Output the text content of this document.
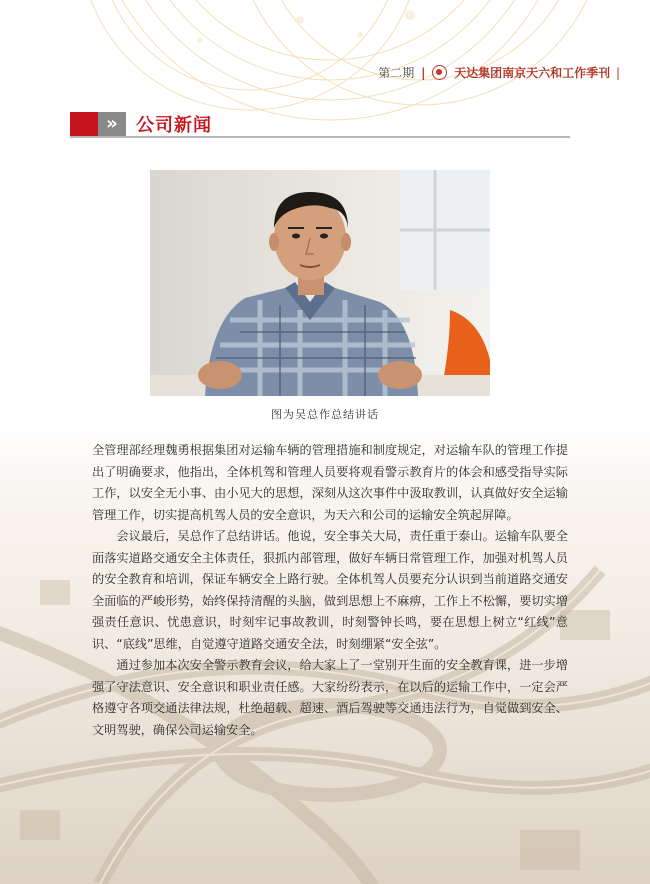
第二期 | 天达集团南京天六和工作季刊 |
»	公司新闻
图为吴总作总结讲话

全管理部经理魏勇根据集团对运输车辆的管理措施和制度规定，对运输车队的管理工作提出了明确要求，他指出，全体机驾和管理人员要将观看警示教育片的体会和感受指导实际工作，以安全无小事、由小见大的思想，深刻从这次事件中汲取教训，认真做好安全运输管理工作，切实提高机驾人员的安全意识，为天六和公司的运输安全筑起屏障。

会议最后，吴总作了总结讲话。他说，安全事关大局，责任重于泰山。运输车队要全面落实道路交通安全主体责任，狠抓内部管理，做好车辆日常管理工作，加强对机驾人员的安全教育和培训，保证车辆安全上路行驶。全体机驾人员要充分认识到当前道路交通安全面临的严峻形势，始终保持清醒的头脑，做到思想上不麻痹，工作上不松懈，要切实增强责任意识、忧患意识，时刻牢记事故教训，时刻警钟长鸣，要在思想上树立“红线”意识、“底线”思维，自觉遵守道路交通安全法，时刻绷紧“安全弦”。

通过参加本次安全警示教育会议，给大家上了一堂别开生面的安全教育课，进一步增强了守法意识、安全意识和职业责任感。大家纷纷表示，在以后的运输工作中，一定会严格遵守各项交通法律法规，杜绝超载、超速、酒后驾驶等交通违法行为，自觉做到安全、文明驾驶，确保公司运输安全。
